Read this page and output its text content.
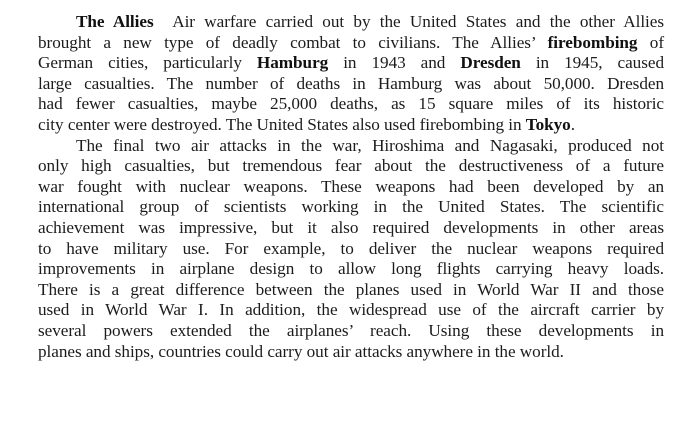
The Allies Air warfare carried out by the United States and the other Allies
brought a new type of deadly combat to civilians. The Allies’ firebombing of
German cities, particularly Hamburg in 1943 and Dresden in 1945, caused
large casualties. The number of deaths in Hamburg was about 50,000. Dresden
had fewer casualties, maybe 25,000 deaths, as 15 square miles of its historic
city center were destroyed. The United States also used firebombing in Tokyo.
The final two air attacks in the war, Hiroshima and Nagasaki, produced not
only high casualties, but tremendous fear about the destructiveness of a future
war fought with nuclear weapons. These weapons had been developed by an
international group of scientists working in the United States. The scientific
achievement was impressive, but it also required developments in other areas
to have military use. For example, to deliver the nuclear weapons required
improvements in airplane design to allow long flights carrying heavy loads.
There is a great difference between the planes used in World War II and those
used in World War I. In addition, the widespread use of the aircraft carrier by
several powers extended the airplanes’ reach. Using these developments in
planes and ships, countries could carry out air attacks anywhere in the world.
